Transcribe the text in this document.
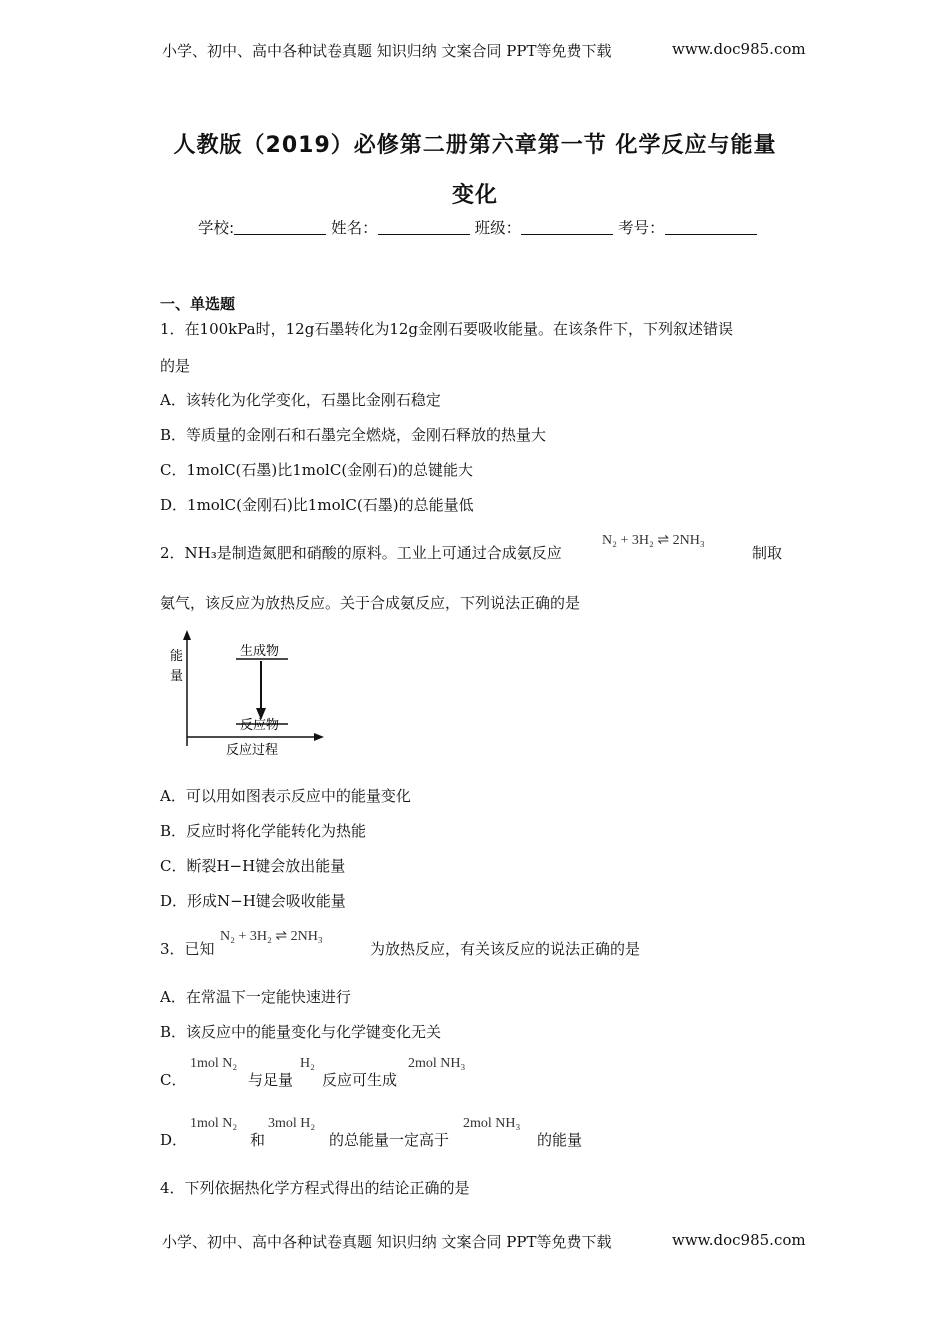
小学、初中、高中各种试卷真题 知识归纳 文案合同 PPT等免费下载	www.doc985.com
人教版（2019）必修第二册第六章第一节 化学反应与能量
变化
学校:	姓名：	班级：	考号：
一、单选题
1．在100kPa时，12g石墨转化为12g金刚石要吸收能量。在该条件下，下列叙述错误
的是
A．该转化为化学变化，石墨比金刚石稳定
B．等质量的金刚石和石墨完全燃烧，金刚石释放的热量大
C．1molC(石墨)比1molC(金刚石)的总键能大
D．1molC(金刚石)比1molC(石墨)的总能量低
2．NH₃是制造氮肥和硝酸的原料。工业上可通过合成氨反应
N₂ + 3H₂ ⇌ 2NH₃
制取
氨气，该反应为放热反应。关于合成氨反应，下列说法正确的是
能
量
生成物
反应物
反应过程
A．可以用如图表示反应中的能量变化
B．反应时将化学能转化为热能
C．断裂H−H键会放出能量
D．形成N−H键会吸收能量
3．已知
N₂ + 3H₂ ⇌ 2NH₃
为放热反应，有关该反应的说法正确的是
A．在常温下一定能快速进行
B．该反应中的能量变化与化学键变化无关
C．
1mol N₂
与足量
H₂
反应可生成
2mol NH₃
D．
1mol N₂
和
3mol H₂
的总能量一定高于
2mol NH₃
的能量
4．下列依据热化学方程式得出的结论正确的是
小学、初中、高中各种试卷真题 知识归纳 文案合同 PPT等免费下载	www.doc985.com
